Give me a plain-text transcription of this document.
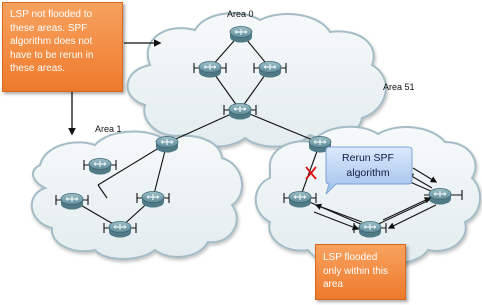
LSP not flooded to these areas. SPF algorithm does not have to be rerun in these areas.
Area 0
Area 1
Area 51
Rerun SPF algorithm
LSP flooded only within this area
